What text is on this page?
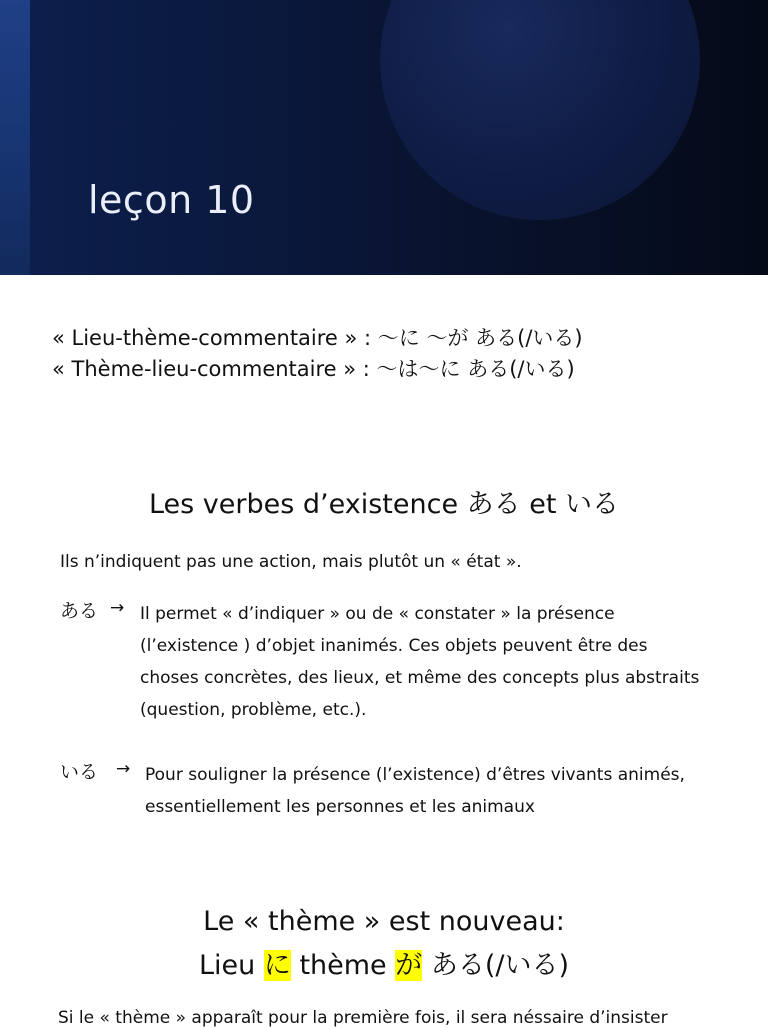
leçon 10
« Lieu-thème-commentaire » : 〜に 〜が ある(/いる)
« Thème-lieu-commentaire » : 〜は〜に ある(/いる)
Les verbes d’existence ある et いる
Ils n’indiquent pas une action, mais plutôt un « état ».
ある → Il permet « d’indiquer » ou de « constater » la présence (l’existence ) d’objet inanimés. Ces objets peuvent être des choses concrètes, des lieux, et même des concepts plus abstraits (question, problème, etc.).
いる → Pour souligner la présence (l’existence) d’êtres vivants animés, essentiellement les personnes et les animaux
Le « thème » est nouveau:
Lieu に thème が ある(/いる)
Si le « thème » apparaît pour la première fois, il sera néssaire d’insister
